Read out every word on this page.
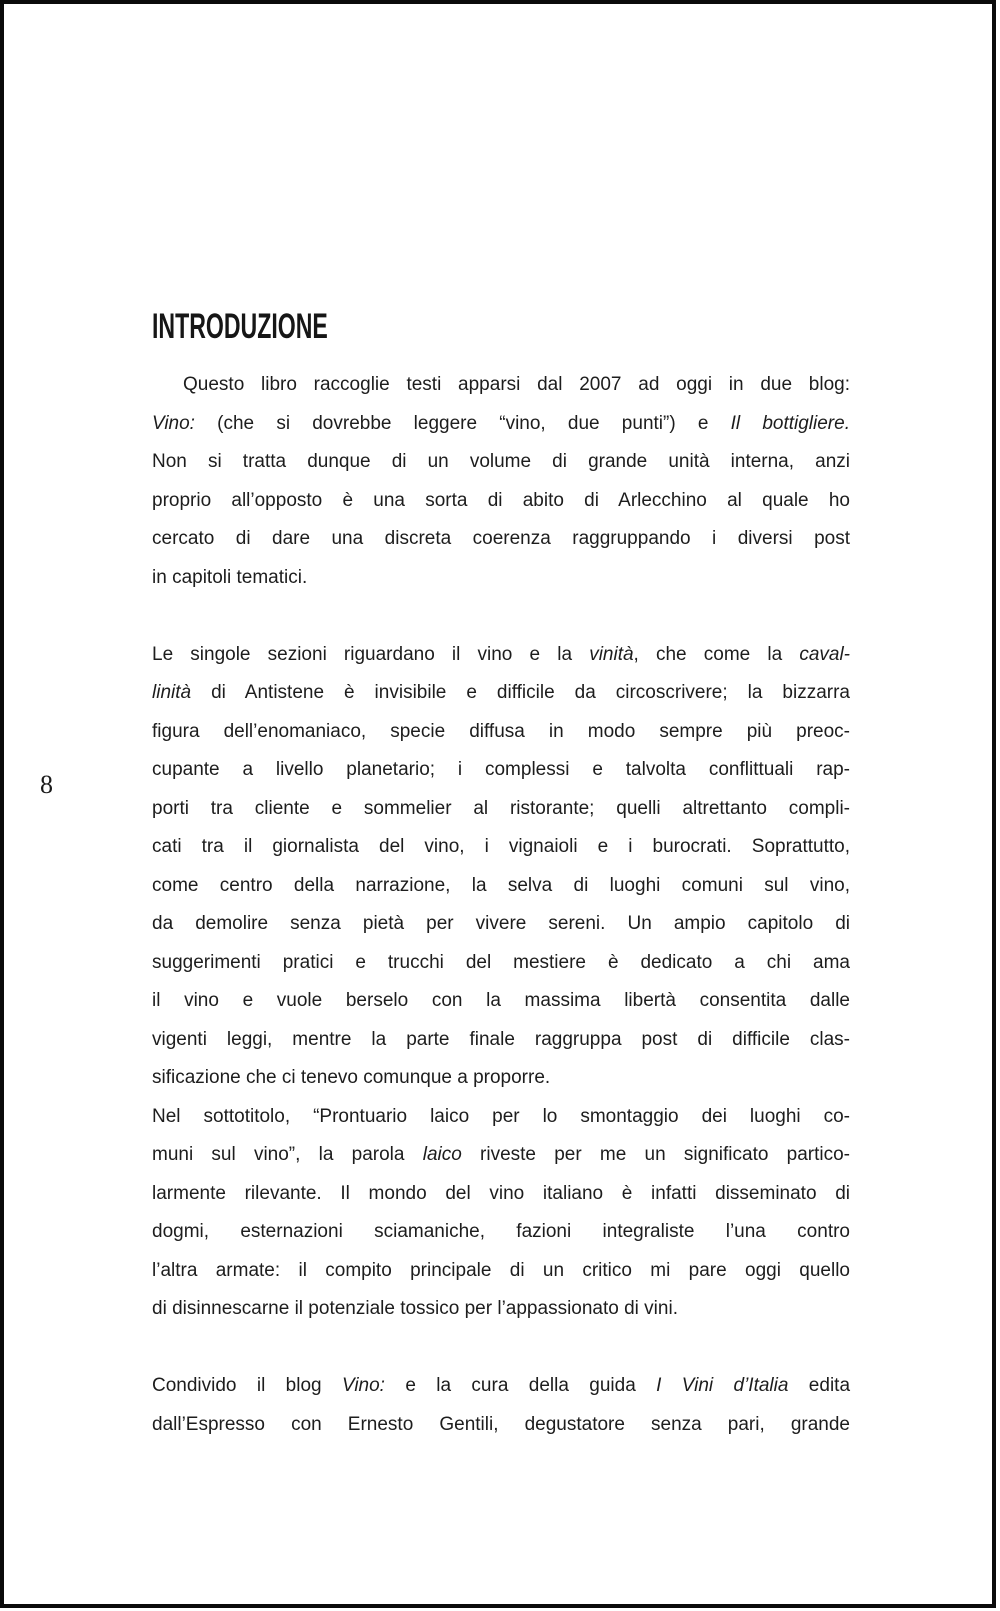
INTRODUZIONE
8
Questo libro raccoglie testi apparsi dal 2007 ad oggi in due blog:
Vino: (che si dovrebbe leggere “vino, due punti”) e Il bottigliere.
Non si tratta dunque di un volume di grande unità interna, anzi
proprio all’opposto è una sorta di abito di Arlecchino al quale ho
cercato di dare una discreta coerenza raggruppando i diversi post
in capitoli tematici.
Le singole sezioni riguardano il vino e la vinità, che come la caval-
linità di Antistene è invisibile e difficile da circoscrivere; la bizzarra
figura dell’enomaniaco, specie diffusa in modo sempre più preoc-
cupante a livello planetario; i complessi e talvolta conflittuali rap-
porti tra cliente e sommelier al ristorante; quelli altrettanto compli-
cati tra il giornalista del vino, i vignaioli e i burocrati. Soprattutto,
come centro della narrazione, la selva di luoghi comuni sul vino,
da demolire senza pietà per vivere sereni. Un ampio capitolo di
suggerimenti pratici e trucchi del mestiere è dedicato a chi ama
il vino e vuole berselo con la massima libertà consentita dalle
vigenti leggi, mentre la parte finale raggruppa post di difficile clas-
sificazione che ci tenevo comunque a proporre.
Nel sottotitolo, “Prontuario laico per lo smontaggio dei luoghi co-
muni sul vino”, la parola laico riveste per me un significato partico-
larmente rilevante. Il mondo del vino italiano è infatti disseminato di
dogmi, esternazioni sciamaniche, fazioni integraliste l’una contro
l’altra armate: il compito principale di un critico mi pare oggi quello
di disinnescarne il potenziale tossico per l’appassionato di vini.
Condivido il blog Vino: e la cura della guida I Vini d’Italia edita
dall’Espresso con Ernesto Gentili, degustatore senza pari, grande
